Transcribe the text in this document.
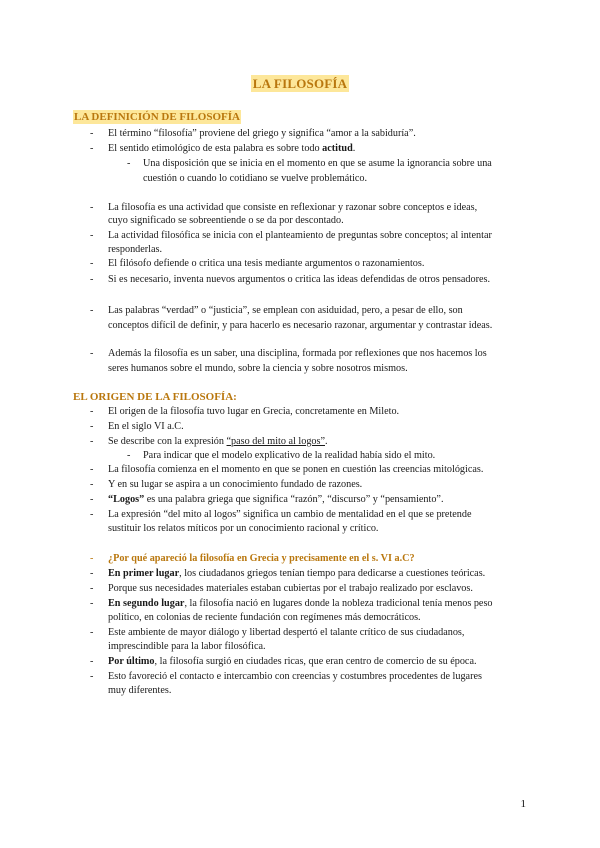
LA FILOSOFÍA
LA DEFINICIÓN DE FILOSOFÍA
- El término “filosofía” proviene del griego y significa “amor a la sabiduría”.
- El sentido etimológico de esta palabra es sobre todo actitud.
- Una disposición que se inicia en el momento en que se asume la ignorancia sobre una
cuestión o cuando lo cotidiano se vuelve problemático.
- La filosofía es una actividad que consiste en reflexionar y razonar sobre conceptos e ideas,
cuyo significado se sobreentiende o se da por descontado.
- La actividad filosófica se inicia con el planteamiento de preguntas sobre conceptos; al intentar
responderlas.
- El filósofo defiende o critica una tesis mediante argumentos o razonamientos.
- Si es necesario, inventa nuevos argumentos o critica las ideas defendidas de otros pensadores.
- Las palabras “verdad” o “justicia”, se emplean con asiduidad, pero, a pesar de ello, son
conceptos difícil de definir, y para hacerlo es necesario razonar, argumentar y contrastar ideas.
- Además la filosofía es un saber, una disciplina, formada por reflexiones que nos hacemos los
seres humanos sobre el mundo, sobre la ciencia y sobre nosotros mismos.
EL ORIGEN DE LA FILOSOFÍA:
- El origen de la filosofía tuvo lugar en Grecia, concretamente en Mileto.
- En el siglo VI a.C.
- Se describe con la expresión “paso del mito al logos”.
- Para indicar que el modelo explicativo de la realidad había sido el mito.
- La filosofía comienza en el momento en que se ponen en cuestión las creencias mitológicas.
- Y en su lugar se aspira a un conocimiento fundado de razones.
- “Logos” es una palabra griega que significa “razón”, “discurso” y “pensamiento”.
- La expresión “del mito al logos” significa un cambio de mentalidad en el que se pretende
sustituir los relatos míticos por un conocimiento racional y crítico.
- ¿Por qué apareció la filosofía en Grecia y precisamente en el s. VI a.C?
- En primer lugar, los ciudadanos griegos tenían tiempo para dedicarse a cuestiones teóricas.
- Porque sus necesidades materiales estaban cubiertas por el trabajo realizado por esclavos.
- En segundo lugar, la filosofía nació en lugares donde la nobleza tradicional tenía menos peso
político, en colonias de reciente fundación con regímenes más democráticos.
- Este ambiente de mayor diálogo y libertad despertó el talante crítico de sus ciudadanos,
imprescindible para la labor filosófica.
- Por último, la filosofía surgió en ciudades ricas, que eran centro de comercio de su época.
- Esto favoreció el contacto e intercambio con creencias y costumbres procedentes de lugares
muy diferentes.
1
